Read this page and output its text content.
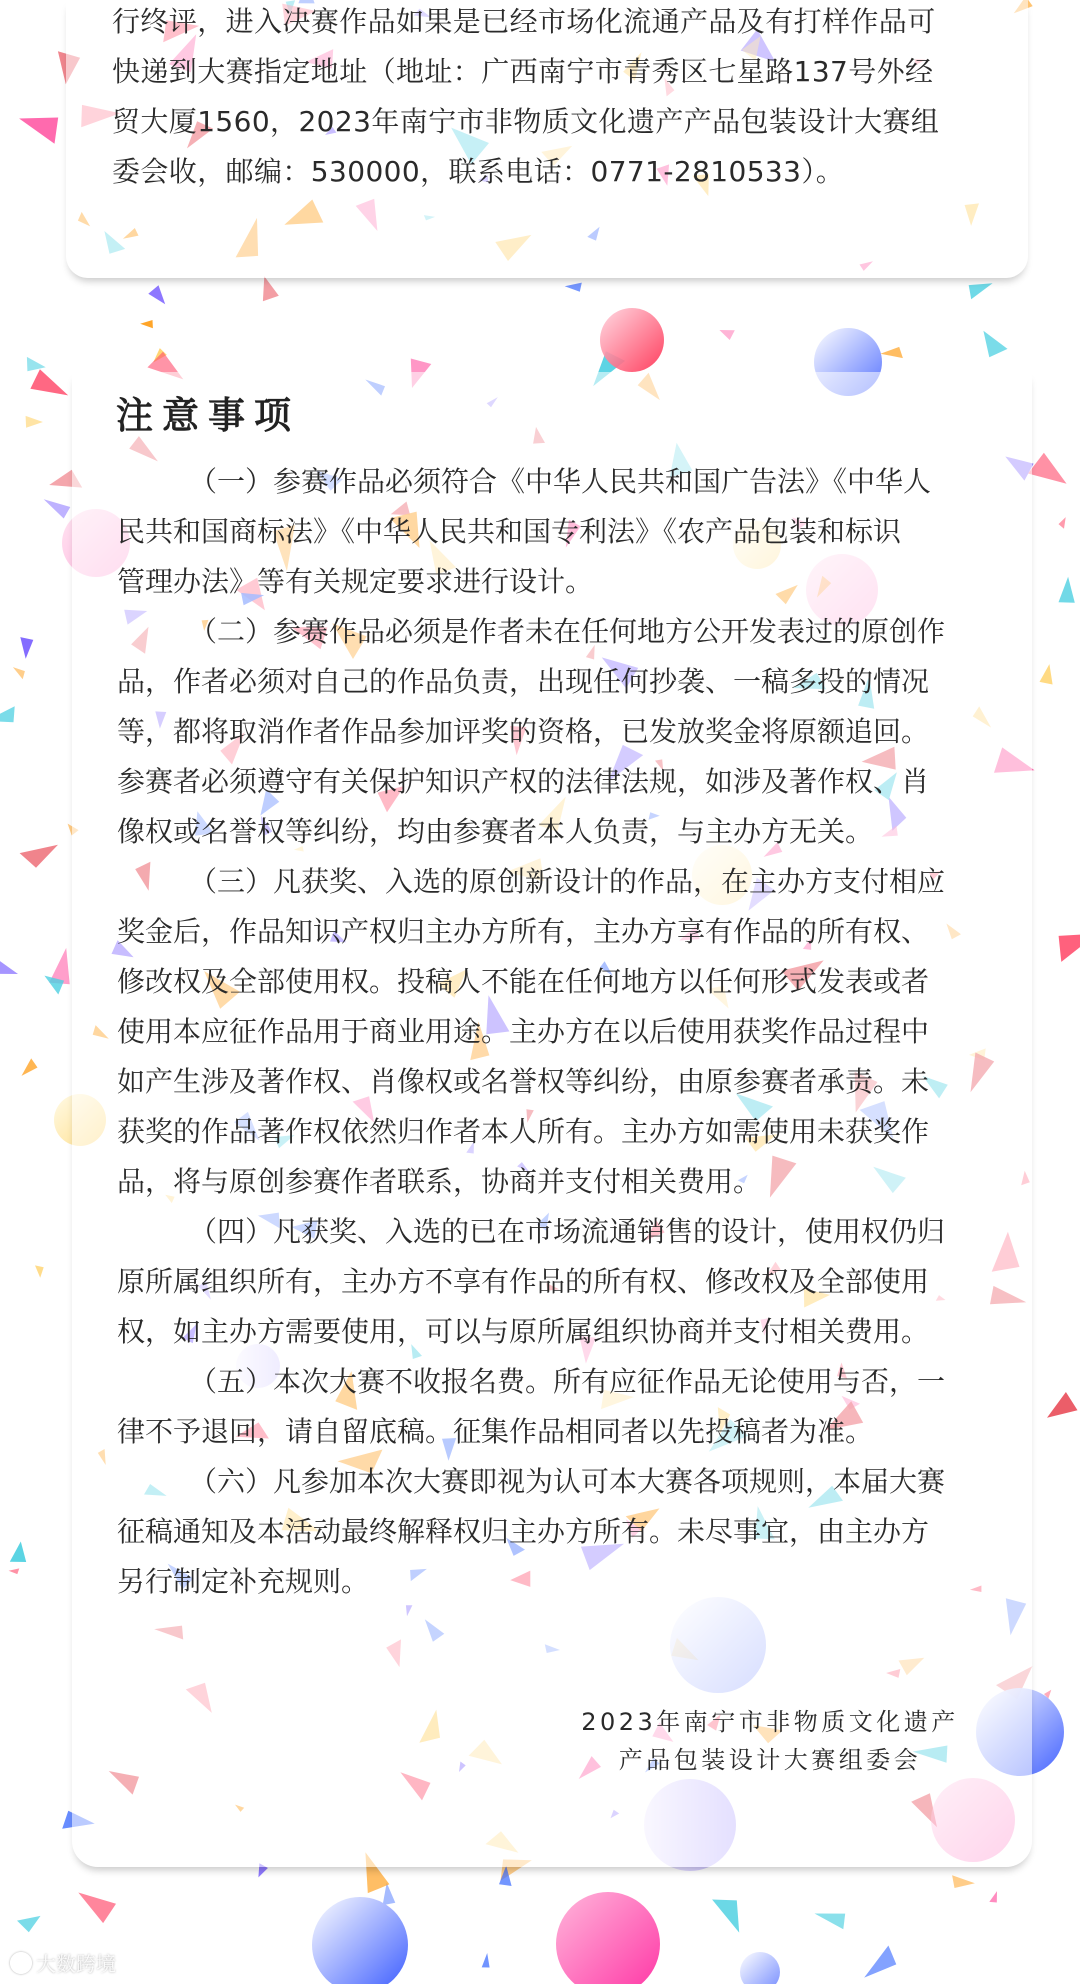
行终评，进入决赛作品如果是已经市场化流通产品及有打样作品可
快递到大赛指定地址（地址：广西南宁市青秀区七星路137号外经
贸大厦1560，2023年南宁市非物质文化遗产产品包装设计大赛组
委会收，邮编：530000，联系电话：0771-2810533）。
注意事项
（一）参赛作品必须符合《中华人民共和国广告法》《中华人
民共和国商标法》《中华人民共和国专利法》《农产品包装和标识
管理办法》等有关规定要求进行设计。
（二）参赛作品必须是作者未在任何地方公开发表过的原创作
品，作者必须对自己的作品负责，出现任何抄袭、一稿多投的情况
等，都将取消作者作品参加评奖的资格，已发放奖金将原额追回。
参赛者必须遵守有关保护知识产权的法律法规，如涉及著作权、肖
像权或名誉权等纠纷，均由参赛者本人负责，与主办方无关。
（三）凡获奖、入选的原创新设计的作品，在主办方支付相应
奖金后，作品知识产权归主办方所有，主办方享有作品的所有权、
修改权及全部使用权。投稿人不能在任何地方以任何形式发表或者
使用本应征作品用于商业用途。主办方在以后使用获奖作品过程中
如产生涉及著作权、肖像权或名誉权等纠纷，由原参赛者承责。未
获奖的作品著作权依然归作者本人所有。主办方如需使用未获奖作
品，将与原创参赛作者联系，协商并支付相关费用。
（四）凡获奖、入选的已在市场流通销售的设计，使用权仍归
原所属组织所有，主办方不享有作品的所有权、修改权及全部使用
权，如主办方需要使用，可以与原所属组织协商并支付相关费用。
（五）本次大赛不收报名费。所有应征作品无论使用与否，一
律不予退回，请自留底稿。征集作品相同者以先投稿者为准。
（六）凡参加本次大赛即视为认可本大赛各项规则，本届大赛
征稿通知及本活动最终解释权归主办方所有。未尽事宜，由主办方
另行制定补充规则。
2023年南宁市非物质文化遗产
产品包装设计大赛组委会
大数跨境
